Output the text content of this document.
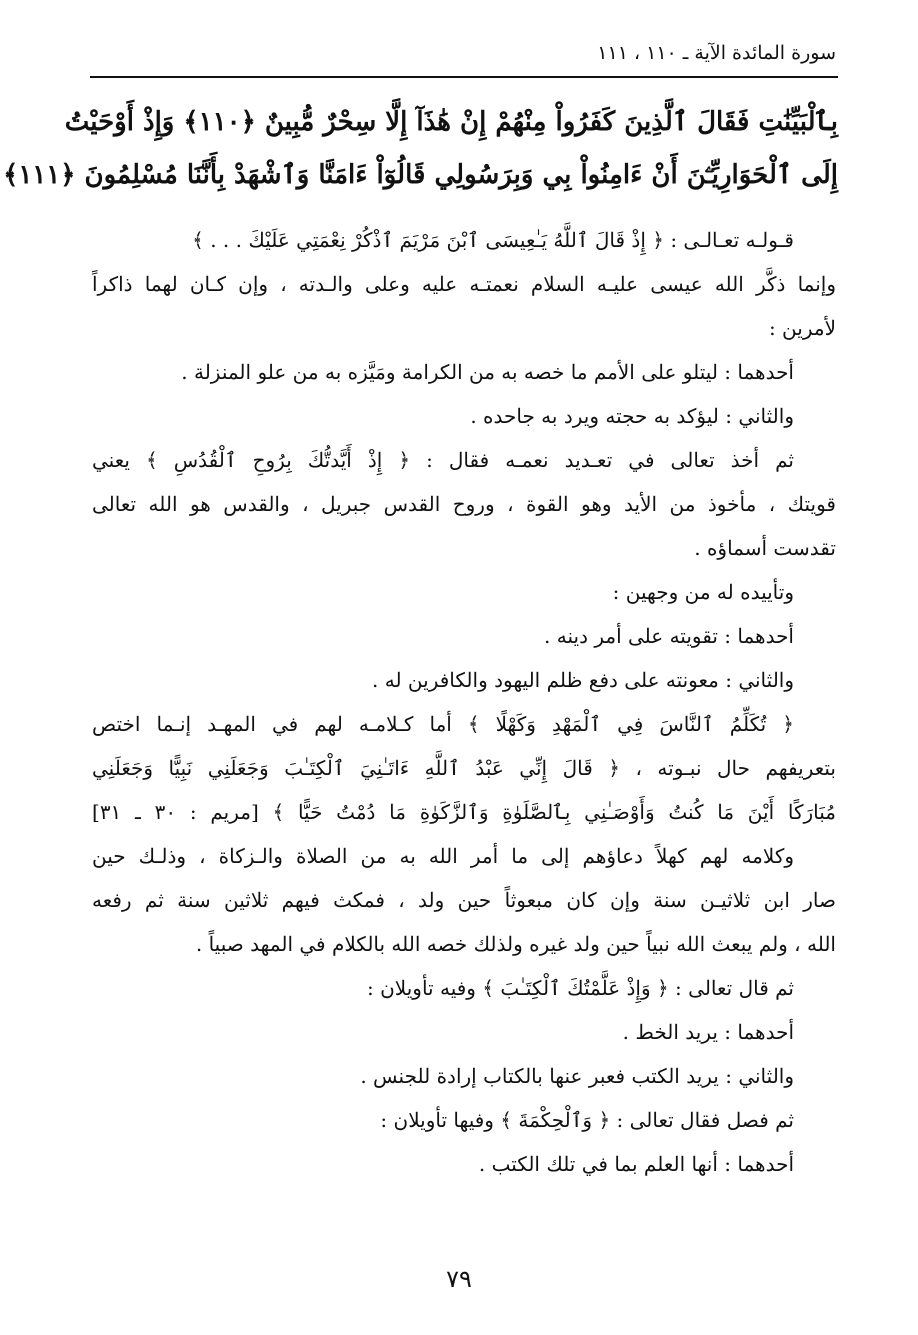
سورة المائدة الآية ـ ١١٠ ، ١١١
بِٱلْبَيِّنَٰتِ فَقَالَ ٱلَّذِينَ كَفَرُواْ مِنْهُمْ إِنْ هَٰذَآ إِلَّا سِحْرٌ مُّبِينٌ ﴿١١٠﴾ وَإِذْ أَوْحَيْتُ
إِلَى ٱلْحَوَارِيِّـۧنَ أَنْ ءَامِنُواْ بِي وَبِرَسُولِي قَالُوٓاْ ءَامَنَّا وَٱشْهَدْ بِأَنَّنَا مُسْلِمُونَ ﴿١١١﴾

قـولـه تعـالـى : ﴿ إِذْ قَالَ ٱللَّهُ يَـٰعِيسَى ٱبْنَ مَرْيَمَ ٱذْكُرْ نِعْمَتِي عَلَيْكَ . . . ﴾

وإنما ذكَّر الله عيسى عليـه السلام نعمتـه عليه وعلى والـدته ، وإن كـان لهما ذاكراً

لأمرين :

أحدهما : ليتلو على الأمم ما خصه به من الكرامة ومَيَّزه به من علو المنزلة .

والثاني : ليؤكد به حجته ويرد به جاحده .

ثم أخذ تعالى في تعـديد نعمـه فقال : ﴿ إِذْ أَيَّدتُّكَ بِرُوحِ ٱلْقُدُسِ ﴾ يعني

قويتك ، مأخوذ من الأيد وهو القوة ، وروح القدس جبريل ، والقدس هو الله تعالى

تقدست أسماؤه .

وتأييده له من وجهين :

أحدهما : تقويته على أمر دينه .

والثاني : معونته على دفع ظلم اليهود والكافرين له .

﴿ تُكَلِّمُ ٱلنَّاسَ فِي ٱلْمَهْدِ وَكَهْلًا ﴾ أما كـلامـه لهم في المهـد إنـما اختص

بتعريفهم حال نبـوته ، ﴿ قَالَ إِنِّي عَبْدُ ٱللَّهِ ءَاتَـٰنِيَ ٱلْكِتَـٰبَ وَجَعَلَنِي نَبِيًّا وَجَعَلَنِي

مُبَارَكًا أَيْنَ مَا كُنتُ وَأَوْصَـٰنِي بِٱلصَّلَوٰةِ وَٱلزَّكَوٰةِ مَا دُمْتُ حَيًّا ﴾ [مريم : ٣٠ ـ ٣١]

وكلامه لهم كهلاً دعاؤهم إلى ما أمر الله به من الصلاة والـزكاة ، وذلـك حين

صار ابن ثلاثيـن سنة وإن كان مبعوثاً حين ولد ، فمكث فيهم ثلاثين سنة ثم رفعه

الله ، ولم يبعث الله نبياً حين ولد غيره ولذلك خصه الله بالكلام في المهد صبياً .

ثم قال تعالى : ﴿ وَإِذْ عَلَّمْتُكَ ٱلْكِتَـٰبَ ﴾ وفيه تأويلان :

أحدهما : يريد الخط .

والثاني : يريد الكتب فعبر عنها بالكتاب إرادة للجنس .

ثم فصل فقال تعالى : ﴿ وَٱلْحِكْمَةَ ﴾ وفيها تأويلان :

أحدهما : أنها العلم بما في تلك الكتب .

٧٩
